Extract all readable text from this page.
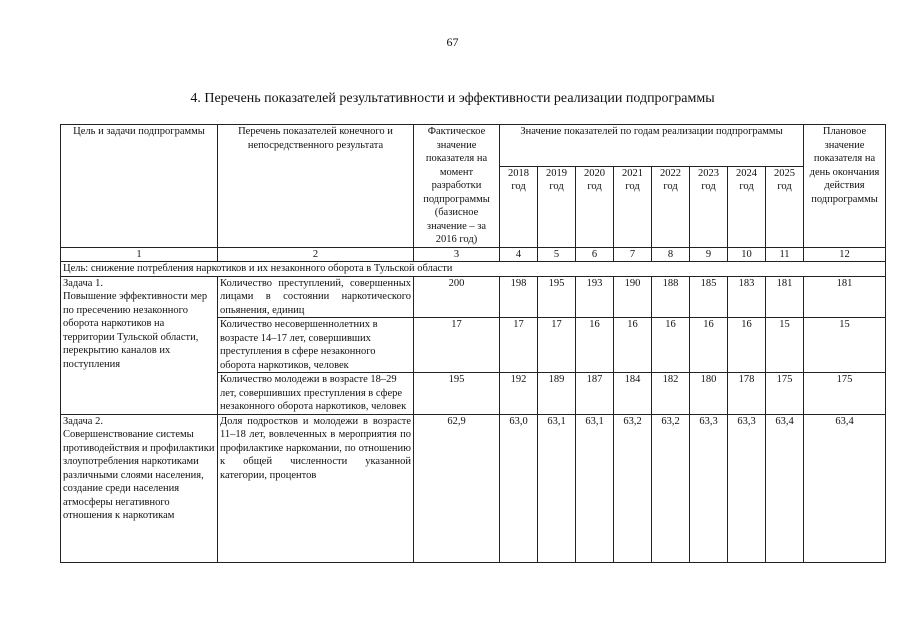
67
4. Перечень показателей результативности и эффективности реализации подпрограммы
Цель и задачи подпрограммы	Перечень показателей конечного и непосредственного результата	Фактическое значение показателя на момент разработки подпрограммы (базисное значение – за 2016 год)	Значение показателей по годам реализации подпрограммы								Плановое значение показателя на день окончания действия подпрограммы
			2018 год	2019 год	2020 год	2021 год	2022 год	2023 год	2024 год	2025 год	
1	2	3	4	5	6	7	8	9	10	11	12
Цель: снижение потребления наркотиков и их незаконного оборота в Тульской области											
Задача 1.
Повышение эффективности мер по пресечению незаконного оборота наркотиков на территории Тульской области, перекрытию каналов их поступления	Количество преступлений, совершенных лицами в состоянии наркотического опьянения, единиц	200	198	195	193	190	188	185	183	181	181
	Количество несовершеннолетних в возрасте 14–17 лет, совершивших преступления в сфере незаконного оборота наркотиков, человек	17	17	17	16	16	16	16	16	15	15
	Количество молодежи в возрасте 18–29 лет, совершивших преступления в сфере незаконного оборота наркотиков, человек	195	192	189	187	184	182	180	178	175	175
Задача 2.
Совершенствование системы противодействия и профилактики злоупотребления наркотиками различными слоями населения, создание среди населения атмосферы негативного отношения к наркотикам	Доля подростков и молодежи в возрасте 11–18 лет, вовлеченных в мероприятия по профилактике наркомании, по отношению к общей численности указанной категории, процентов	62,9	63,0	63,1	63,1	63,2	63,2	63,3	63,3	63,4	63,4
